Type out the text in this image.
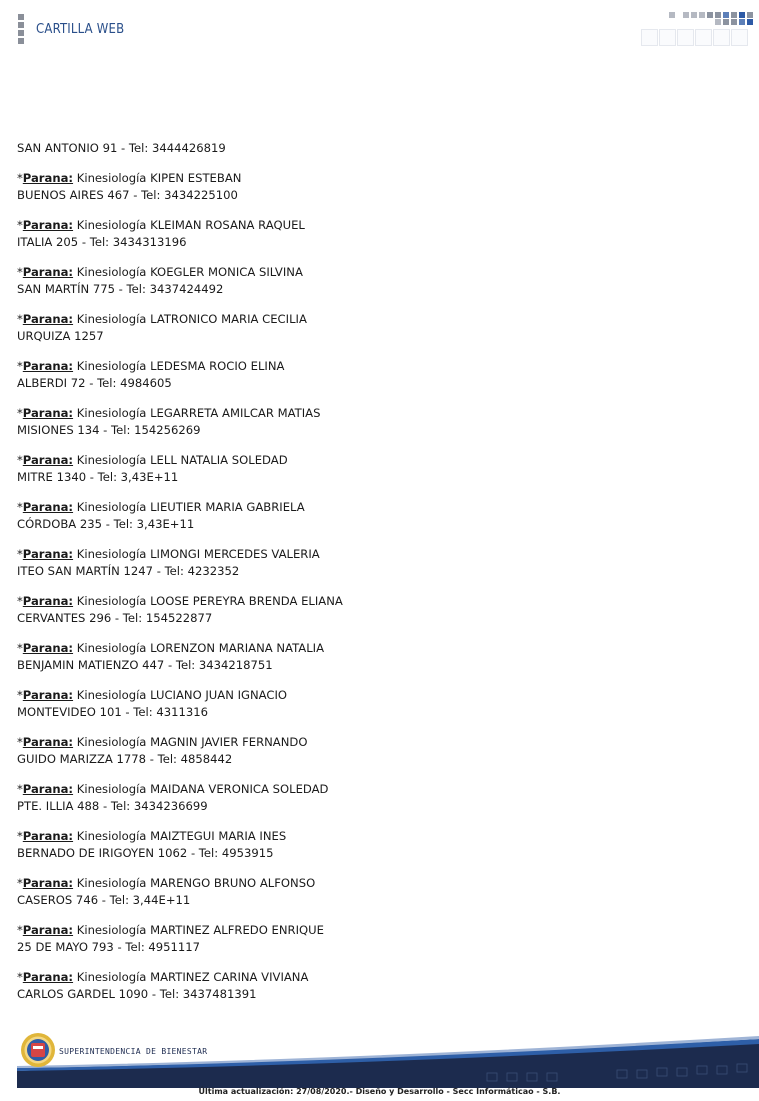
CARTILLA WEB
SAN ANTONIO 91 - Tel: 3444426819
*Parana: Kinesiología KIPEN ESTEBAN
BUENOS AIRES 467 - Tel: 3434225100
*Parana: Kinesiología KLEIMAN ROSANA RAQUEL
ITALIA 205 - Tel: 3434313196
*Parana: Kinesiología KOEGLER MONICA SILVINA
SAN MARTÍN 775 - Tel: 3437424492
*Parana: Kinesiología LATRONICO MARIA CECILIA
URQUIZA 1257
*Parana: Kinesiología LEDESMA ROCIO ELINA
ALBERDI 72 - Tel: 4984605
*Parana: Kinesiología LEGARRETA AMILCAR MATIAS
MISIONES 134 - Tel: 154256269
*Parana: Kinesiología LELL NATALIA SOLEDAD
MITRE 1340 - Tel: 3,43E+11
*Parana: Kinesiología LIEUTIER MARIA GABRIELA
CÓRDOBA 235 - Tel: 3,43E+11
*Parana: Kinesiología LIMONGI MERCEDES VALERIA
ITEO SAN MARTÍN 1247 - Tel: 4232352
*Parana: Kinesiología LOOSE PEREYRA BRENDA ELIANA
CERVANTES 296 - Tel: 154522877
*Parana: Kinesiología LORENZON MARIANA NATALIA
BENJAMIN MATIENZO 447 - Tel: 3434218751
*Parana: Kinesiología LUCIANO JUAN IGNACIO
MONTEVIDEO 101 - Tel: 4311316
*Parana: Kinesiología MAGNIN JAVIER FERNANDO
GUIDO MARIZZA 1778 - Tel: 4858442
*Parana: Kinesiología MAIDANA VERONICA SOLEDAD
PTE. ILLIA 488 - Tel: 3434236699
*Parana: Kinesiología MAIZTEGUI MARIA INES
BERNADO DE IRIGOYEN 1062 - Tel: 4953915
*Parana: Kinesiología MARENGO BRUNO ALFONSO
CASEROS 746 - Tel: 3,44E+11
*Parana: Kinesiología MARTINEZ ALFREDO ENRIQUE
25 DE MAYO 793 - Tel: 4951117
*Parana: Kinesiología MARTINEZ CARINA VIVIANA
CARLOS GARDEL 1090 - Tel: 3437481391
SUPERINTENDENCIA DE BIENESTAR
Última actualización: 27/08/2020.- Diseño y Desarrollo - Secc Informáticao - S.B.
